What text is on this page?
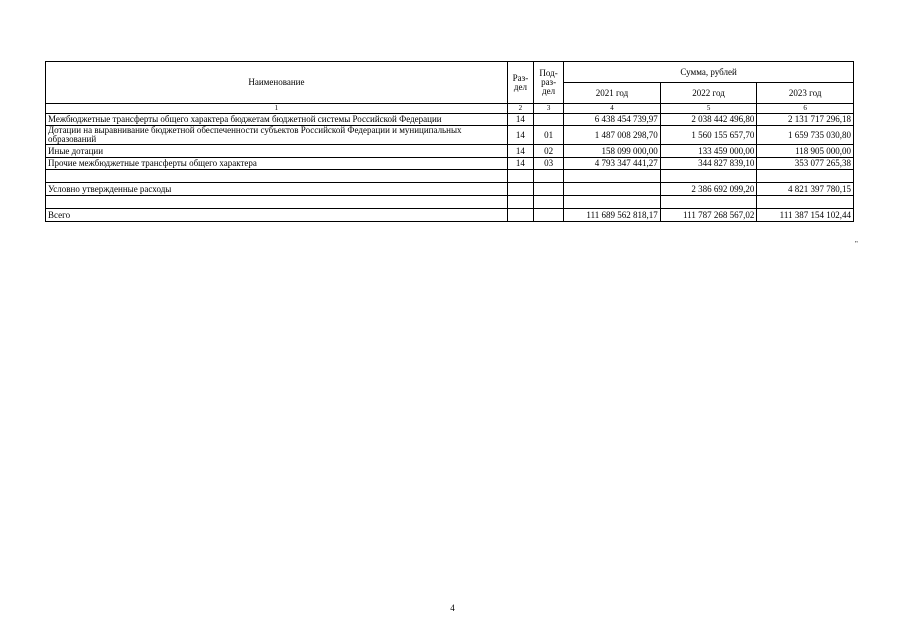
Наименование	Раз-дел	Под-раз-дел	Сумма, рублей		
			2021 год	2022 год	2023 год
1	2	3	4	5	6
Межбюджетные трансферты общего характера бюджетам бюджетной системы Российской Федерации	14		6 438 454 739,97	2 038 442 496,80	2 131 717 296,18
Дотации на выравнивание бюджетной обеспеченности субъектов Российской Федерации и муниципальных образований	14	01	1 487 008 298,70	1 560 155 657,70	1 659 735 030,80
Иные дотации	14	02	158 099 000,00	133 459 000,00	118 905 000,00
Прочие межбюджетные трансферты общего характера	14	03	4 793 347 441,27	344 827 839,10	353 077 265,38

Условно утвержденные расходы				2 386 692 099,20	4 821 397 780,15

Всего			111 689 562 818,17	111 787 268 567,02	111 387 154 102,44
"
4
